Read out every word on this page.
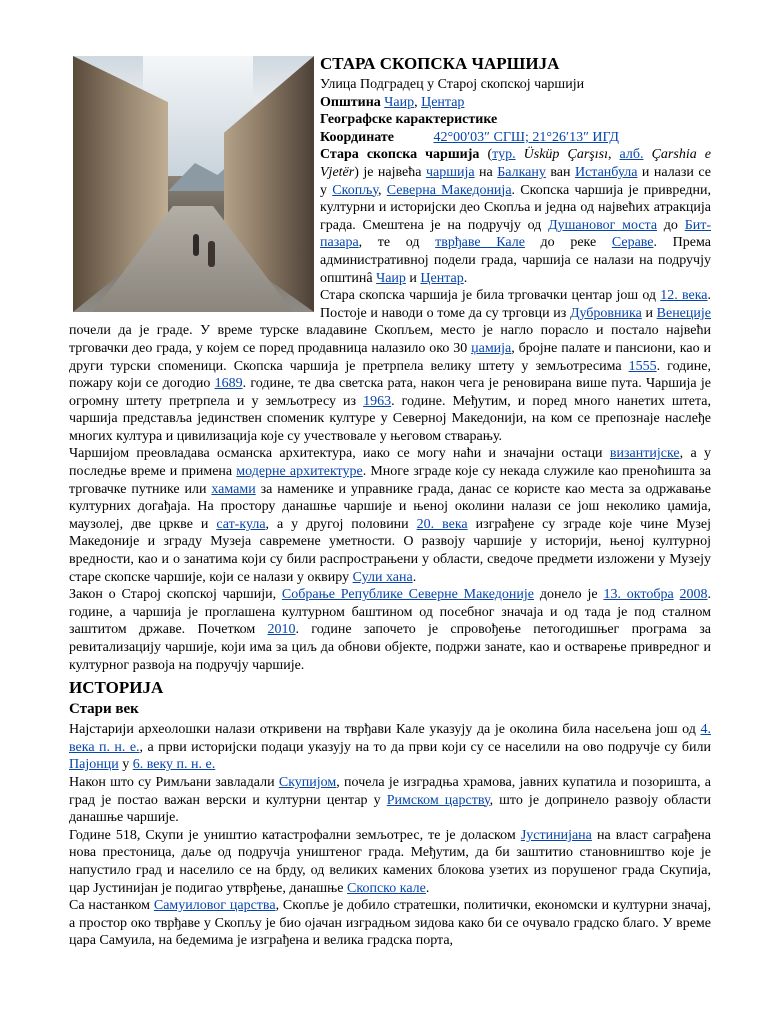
СТАРА СКОПСКА ЧАРШИЈА
Улица Подградец у Старој скопској чаршији
Општина Чаир, Центар
Географске карактеристике
Координате	42°00′03″ СГШ; 21°26′13″ ИГД

Стара скопска чаршија (тур. Üsküp Çarşısı, алб. Çarshia e Vjetër) је највећа чаршија на Балкану ван Истанбула и налази се у Скопљу, Северна Македонија. Скопска чаршија је привредни, културни и историјски део Скопља и једна од највећих атракција града. Смештена је на подручју од Душановог моста до Бит-пазара, те од тврђаве Кале до реке Сераве. Према административној подели града, чаршија се налази на подручју општинâ Чаир и Центар.

Стара скопска чаршија је била трговачки центар још од 12. века. Постоје и наводи о томе да су трговци из Дубровника и Венеције почели да је граде. У време турске владавине Скопљем, место је нагло порасло и постало највећи трговачки део града, у којем се поред продавница налазило око 30 џамија, бројне палате и пансиони, као и други турски споменици. Скопска чаршија је претрпела велику штету у земљотресима 1555. године, пожару који се догодио 1689. године, те два светска рата, након чега је реновирана више пута. Чаршија је огромну штету претрпела и у земљотресу из 1963. године. Међутим, и поред много нанетих штета, чаршија представља јединствен споменик културе у Северној Македонији, на ком се препознаје наслеђе многих култура и цивилизација које су учествовале у његовом стварању.

Чаршијом преовладава османска архитектура, иако се могу наћи и значајни остаци византијске, а у последње време и примена модерне архитектуре. Многе зграде које су некада служиле као преноћишта за трговачке путнике или хамами за наменике и управнике града, данас се користе као места за одржавање културних догађаја. На простору данашње чаршије и њеној околини налази се још неколико џамија, маузолеј, две цркве и сат-кула, а у другој половини 20. века изграђене су зграде које чине Музеј Македоније и зграду Музеја савремене уметности. О развоју чаршије у историји, њеној културној вредности, као и о занатима који су били распрострањени у области, сведоче предмети изложени у Музеју старе скопске чаршије, који се налази у оквиру Сули хана.

Закон о Старој скопској чаршији, Собрање Републике Северне Македоније донело је 13. октобра 2008. године, а чаршија је проглашена културном баштином од посебног значаја и од тада је под сталном заштитом државе. Почетком 2010. године започето је спровођење петогодишњег програма за ревитализацију чаршије, који има за циљ да обнови објекте, подржи занате, као и остварење привредног и културног развоја на подручју чаршије.

ИСТОРИЈА
Стари век

Најстарији археолошки налази откривени на тврђави Кале указују да је околина била насељена још од 4. века п. н. е., а први историјски подаци указују на то да први који су се населили на ово подручје су били Пајонци у 6. веку п. н. е.

Након што су Римљани завладали Скупијом, почела је изградња храмова, јавних купатила и позоришта, а град је постао важан верски и културни центар у Римском царству, што је допринело развоју области данашње чаршије.

Године 518, Скупи је уништио катастрофални земљотрес, те је доласком Јустинијана на власт саграђена нова престоница, даље од подручја уништеног града. Међутим, да би заштитио становништво које је напустило град и населило се на брду, од великих камених блокова узетих из порушеног града Скупија, цар Јустинијан је подигао утврђење, данашње Скопско кале.

Са настанком Самуиловог царства, Скопље је добило стратешки, политички, економски и културни значај, а простор око тврђаве у Скопљу је био ојачан изградњом зидова како би се очувало градско благо. У време цара Самуила, на бедемима је изграђена и велика градска порта,
